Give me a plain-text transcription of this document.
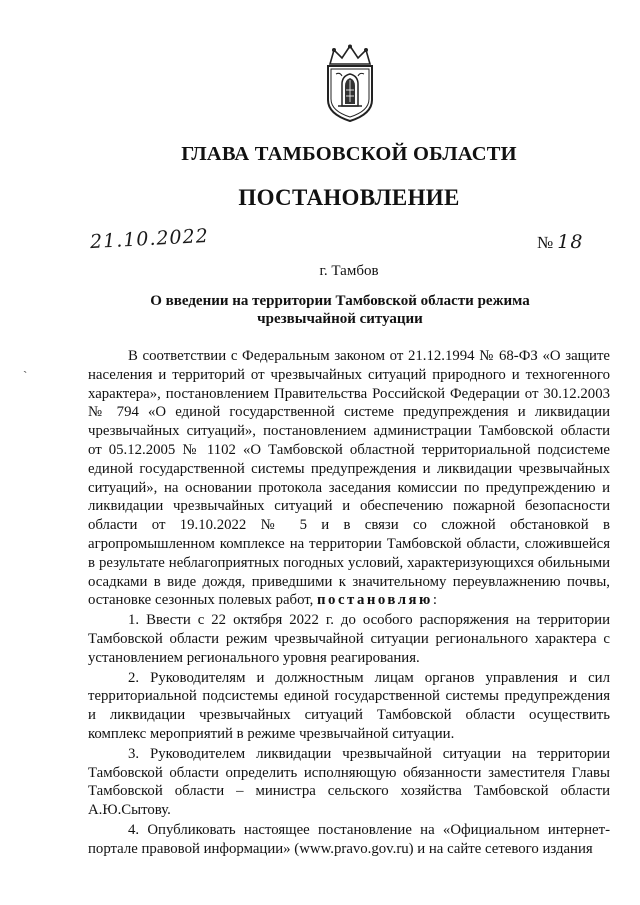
ГЛАВА ТАМБОВСКОЙ ОБЛАСТИ
ПОСТАНОВЛЕНИЕ
21.10.2022	№ 18
г. Тамбов
О введении на территории Тамбовской области режима чрезвычайной ситуации
`

В соответствии с Федеральным законом от 21.12.1994 № 68-ФЗ «О защите населения и территорий от чрезвычайных ситуаций природного и техногенного характера», постановлением Правительства Российской Федерации от 30.12.2003 № 794 «О единой государственной системе предупреждения и ликвидации чрезвычайных ситуаций», постановлением администрации Тамбовской области от 05.12.2005 № 1102 «О Тамбовской областной территориальной подсистеме единой государственной системы предупреждения и ликвидации чрезвычайных ситуаций», на основании протокола заседания комиссии по предупреждению и ликвидации чрезвычайных ситуаций и обеспечению пожарной безопасности области от 19.10.2022 № 5 и в связи со сложной обстановкой в агропромышленном комплексе на территории Тамбовской области, сложившейся в результате неблагоприятных погодных условий, характеризующихся обильными осадками в виде дождя, приведшими к значительному переувлажнению почвы, остановке сезонных полевых работ, постановляю:

1. Ввести с 22 октября 2022 г. до особого распоряжения на территории Тамбовской области режим чрезвычайной ситуации регионального характера с установлением регионального уровня реагирования.

2. Руководителям и должностным лицам органов управления и сил территориальной подсистемы единой государственной системы предупреждения и ликвидации чрезвычайных ситуаций Тамбовской области осуществить комплекс мероприятий в режиме чрезвычайной ситуации.

3. Руководителем ликвидации чрезвычайной ситуации на территории Тамбовской области определить исполняющую обязанности заместителя Главы Тамбовской области – министра сельского хозяйства Тамбовской области А.Ю.Сытову.

4. Опубликовать настоящее постановление на «Официальном интернет-портале правовой информации» (www.pravo.gov.ru) и на сайте сетевого издания
